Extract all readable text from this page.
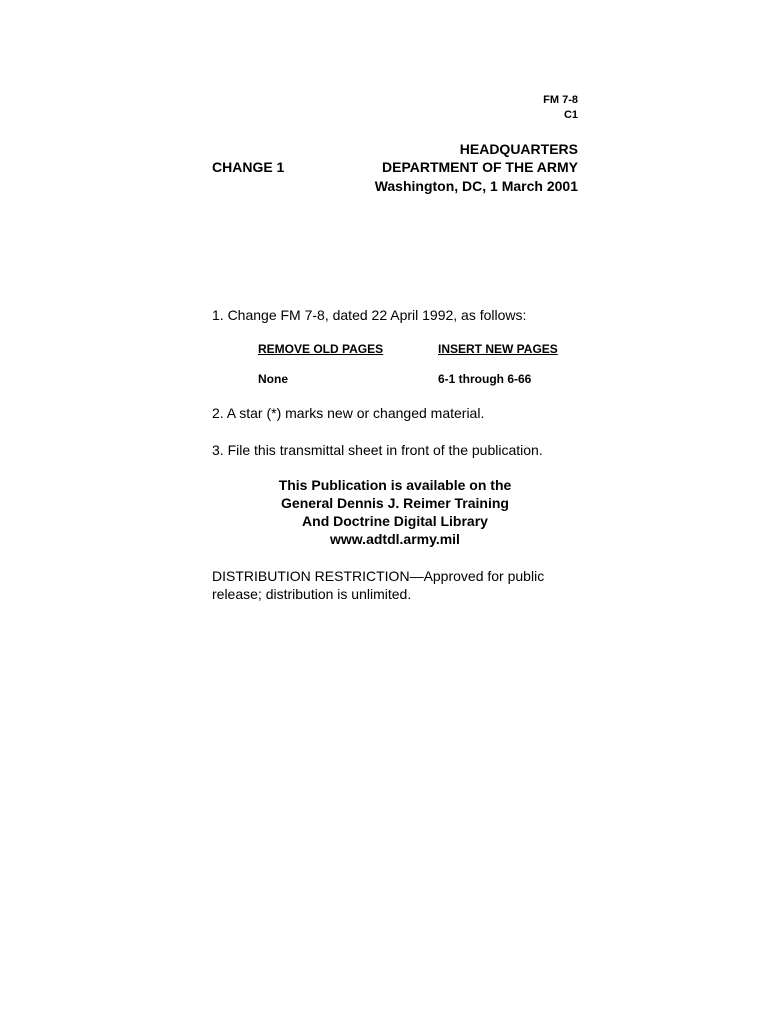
FM 7-8
C1
HEADQUARTERS
DEPARTMENT OF THE ARMY
Washington, DC, 1 March 2001
CHANGE 1
1. Change FM 7-8, dated 22 April 1992, as follows:
REMOVE OLD PAGES	INSERT NEW PAGES
None	6-1 through 6-66
2. A star (*) marks new or changed material.
3. File this transmittal sheet in front of the publication.
This Publication is available on the
General Dennis J. Reimer Training
And Doctrine Digital Library
www.adtdl.army.mil
DISTRIBUTION RESTRICTION—Approved for public
release; distribution is unlimited.
